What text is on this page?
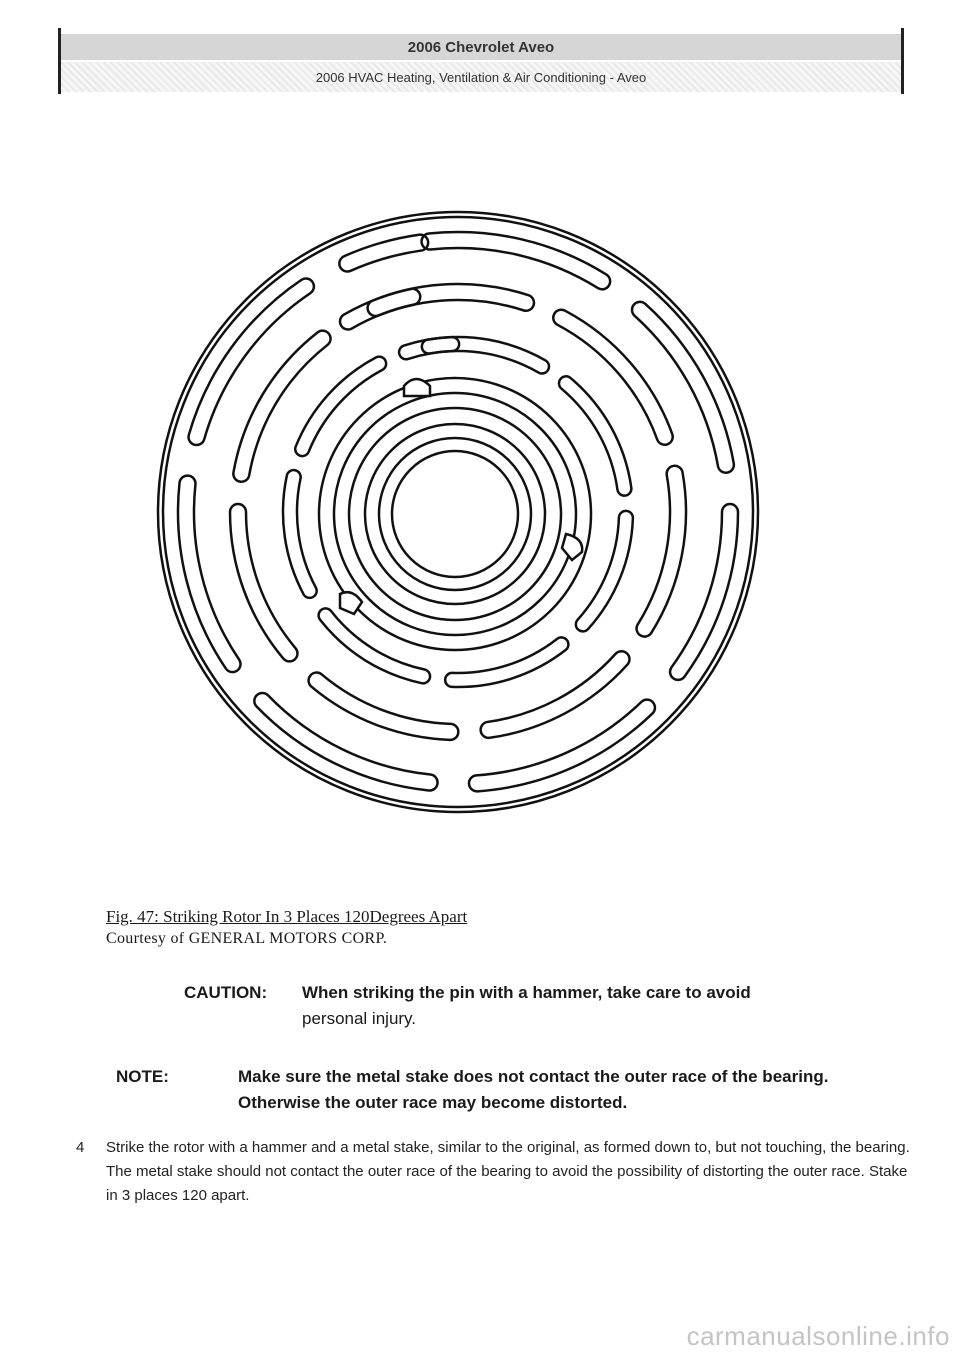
2006 Chevrolet Aveo
2006 HVAC Heating, Ventilation & Air Conditioning - Aveo
Fig. 47: Striking Rotor In 3 Places 120Degrees Apart
Courtesy of GENERAL MOTORS CORP.
CAUTION: When striking the pin with a hammer, take care to avoid
personal injury.
NOTE:	Make sure the metal stake does not contact the outer race of the bearing. Otherwise the outer race may become distorted.
4	Strike the rotor with a hammer and a metal stake, similar to the original, as formed down to, but not touching, the bearing. The metal stake should not contact the outer race of the bearing to avoid the possibility of distorting the outer race. Stake in 3 places 120 apart.
carmanualsonline.info
